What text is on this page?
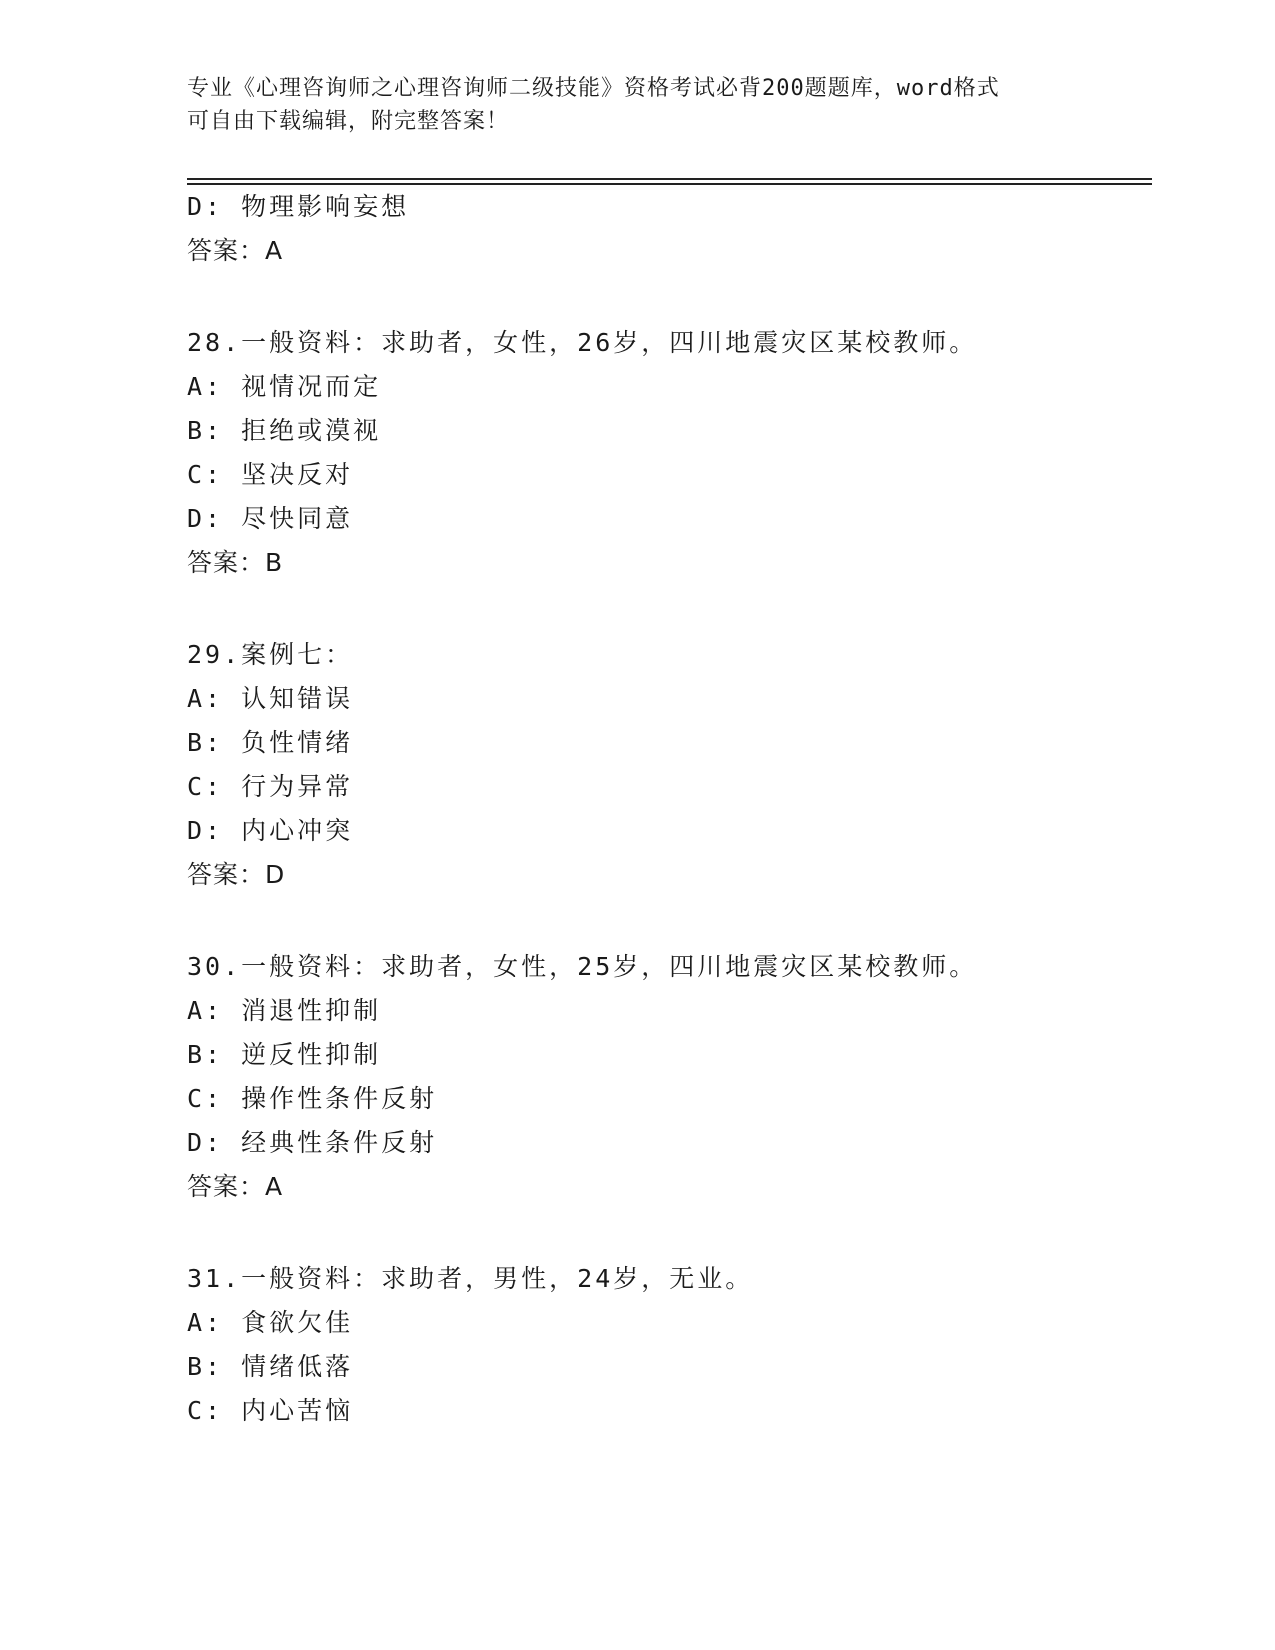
专业《心理咨询师之心理咨询师二级技能》资格考试必背200题题库，word格式
可自由下载编辑，附完整答案！
D: 物理影响妄想
答案：A
28.一般资料：求助者，女性，26岁，四川地震灾区某校教师。
A: 视情况而定
B: 拒绝或漠视
C: 坚决反对
D: 尽快同意
答案：B
29.案例七：
A: 认知错误
B: 负性情绪
C: 行为异常
D: 内心冲突
答案：D
30.一般资料：求助者，女性，25岁，四川地震灾区某校教师。
A: 消退性抑制
B: 逆反性抑制
C: 操作性条件反射
D: 经典性条件反射
答案：A
31.一般资料：求助者，男性，24岁，无业。
A: 食欲欠佳
B: 情绪低落
C: 内心苦恼
